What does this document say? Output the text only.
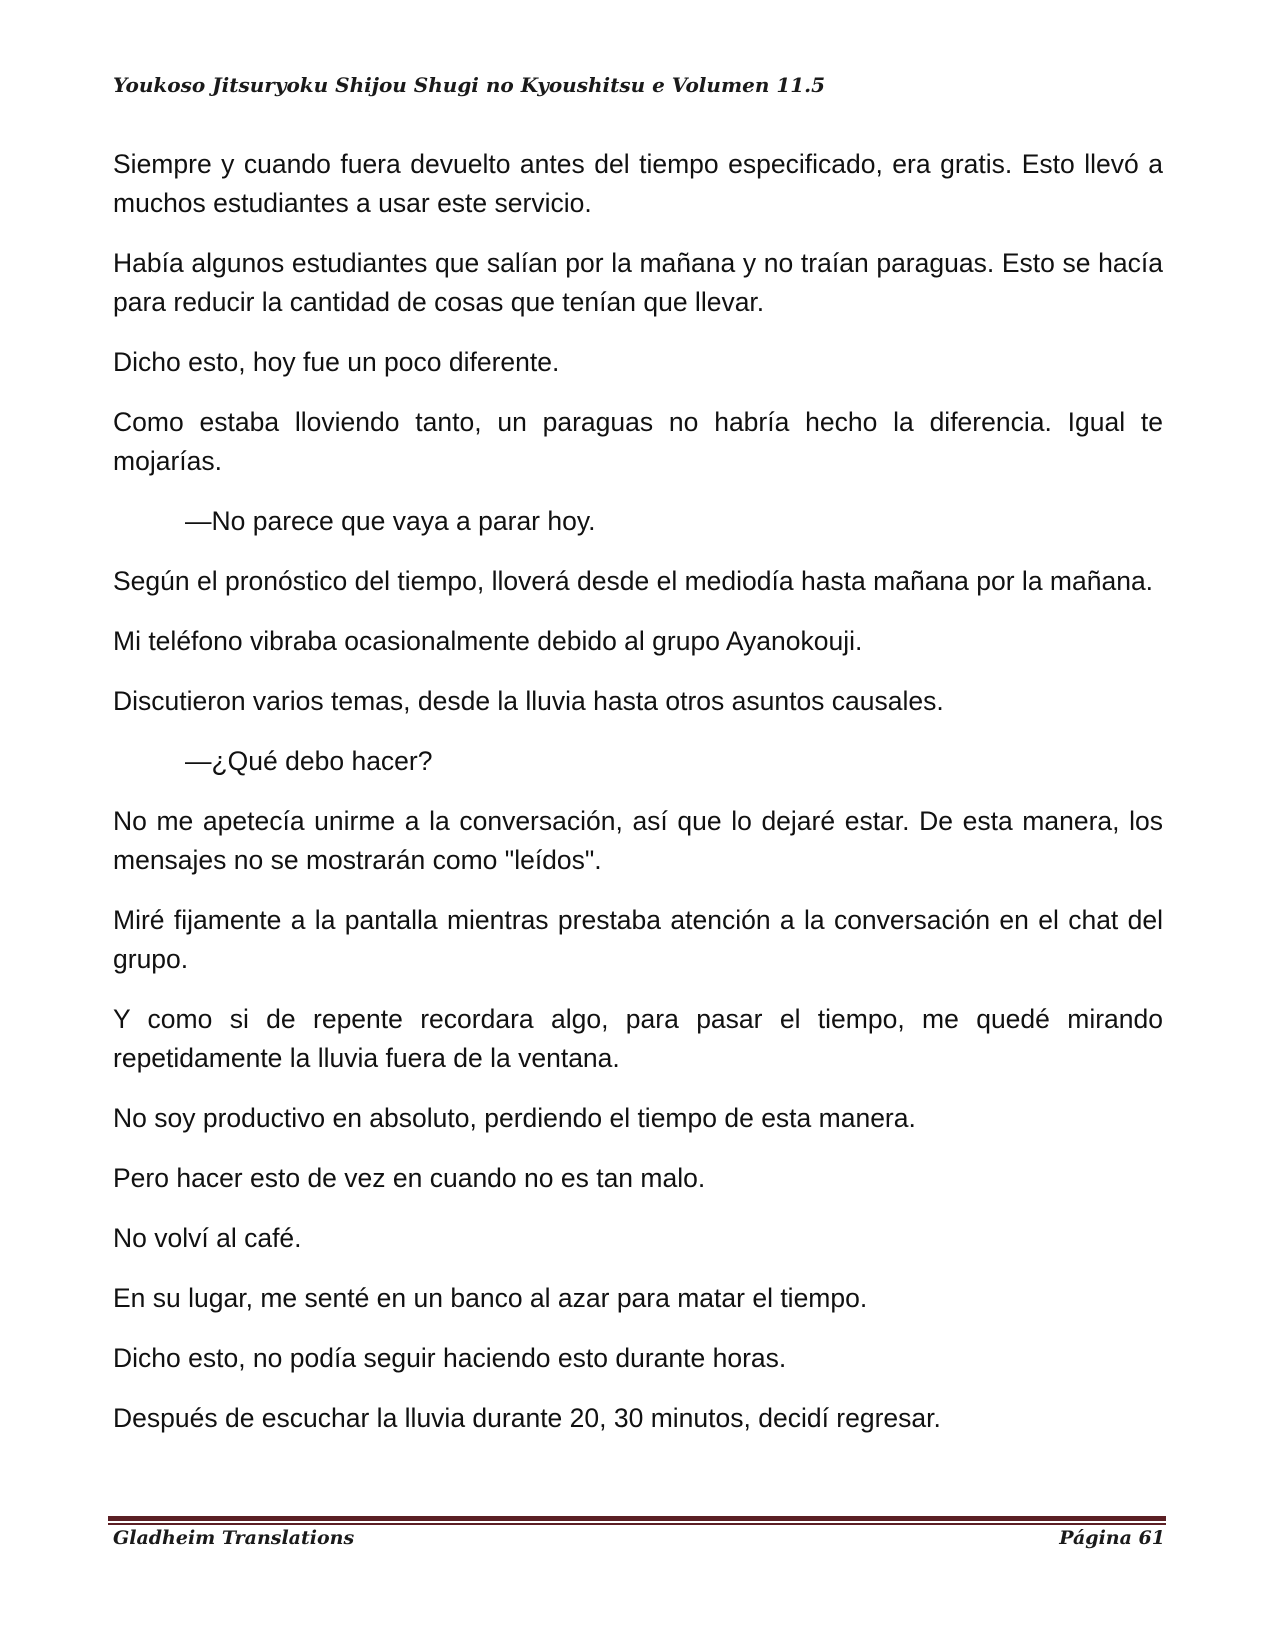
Youkoso Jitsuryoku Shijou Shugi no Kyoushitsu e Volumen 11.5

Siempre y cuando fuera devuelto antes del tiempo especificado, era gratis. Esto llevó a muchos estudiantes a usar este servicio.

Había algunos estudiantes que salían por la mañana y no traían paraguas. Esto se hacía para reducir la cantidad de cosas que tenían que llevar.

Dicho esto, hoy fue un poco diferente.

Como estaba lloviendo tanto, un paraguas no habría hecho la diferencia. Igual te mojarías.

—No parece que vaya a parar hoy.

Según el pronóstico del tiempo, lloverá desde el mediodía hasta mañana por la mañana.

Mi teléfono vibraba ocasionalmente debido al grupo Ayanokouji.

Discutieron varios temas, desde la lluvia hasta otros asuntos causales.

—¿Qué debo hacer?

No me apetecía unirme a la conversación, así que lo dejaré estar. De esta manera, los mensajes no se mostrarán como "leídos".

Miré fijamente a la pantalla mientras prestaba atención a la conversación en el chat del grupo.

Y como si de repente recordara algo, para pasar el tiempo, me quedé mirando repetidamente la lluvia fuera de la ventana.

No soy productivo en absoluto, perdiendo el tiempo de esta manera.

Pero hacer esto de vez en cuando no es tan malo.

No volví al café.

En su lugar, me senté en un banco al azar para matar el tiempo.

Dicho esto, no podía seguir haciendo esto durante horas.

Después de escuchar la lluvia durante 20, 30 minutos, decidí regresar.

Gladheim Translations	Página 61
